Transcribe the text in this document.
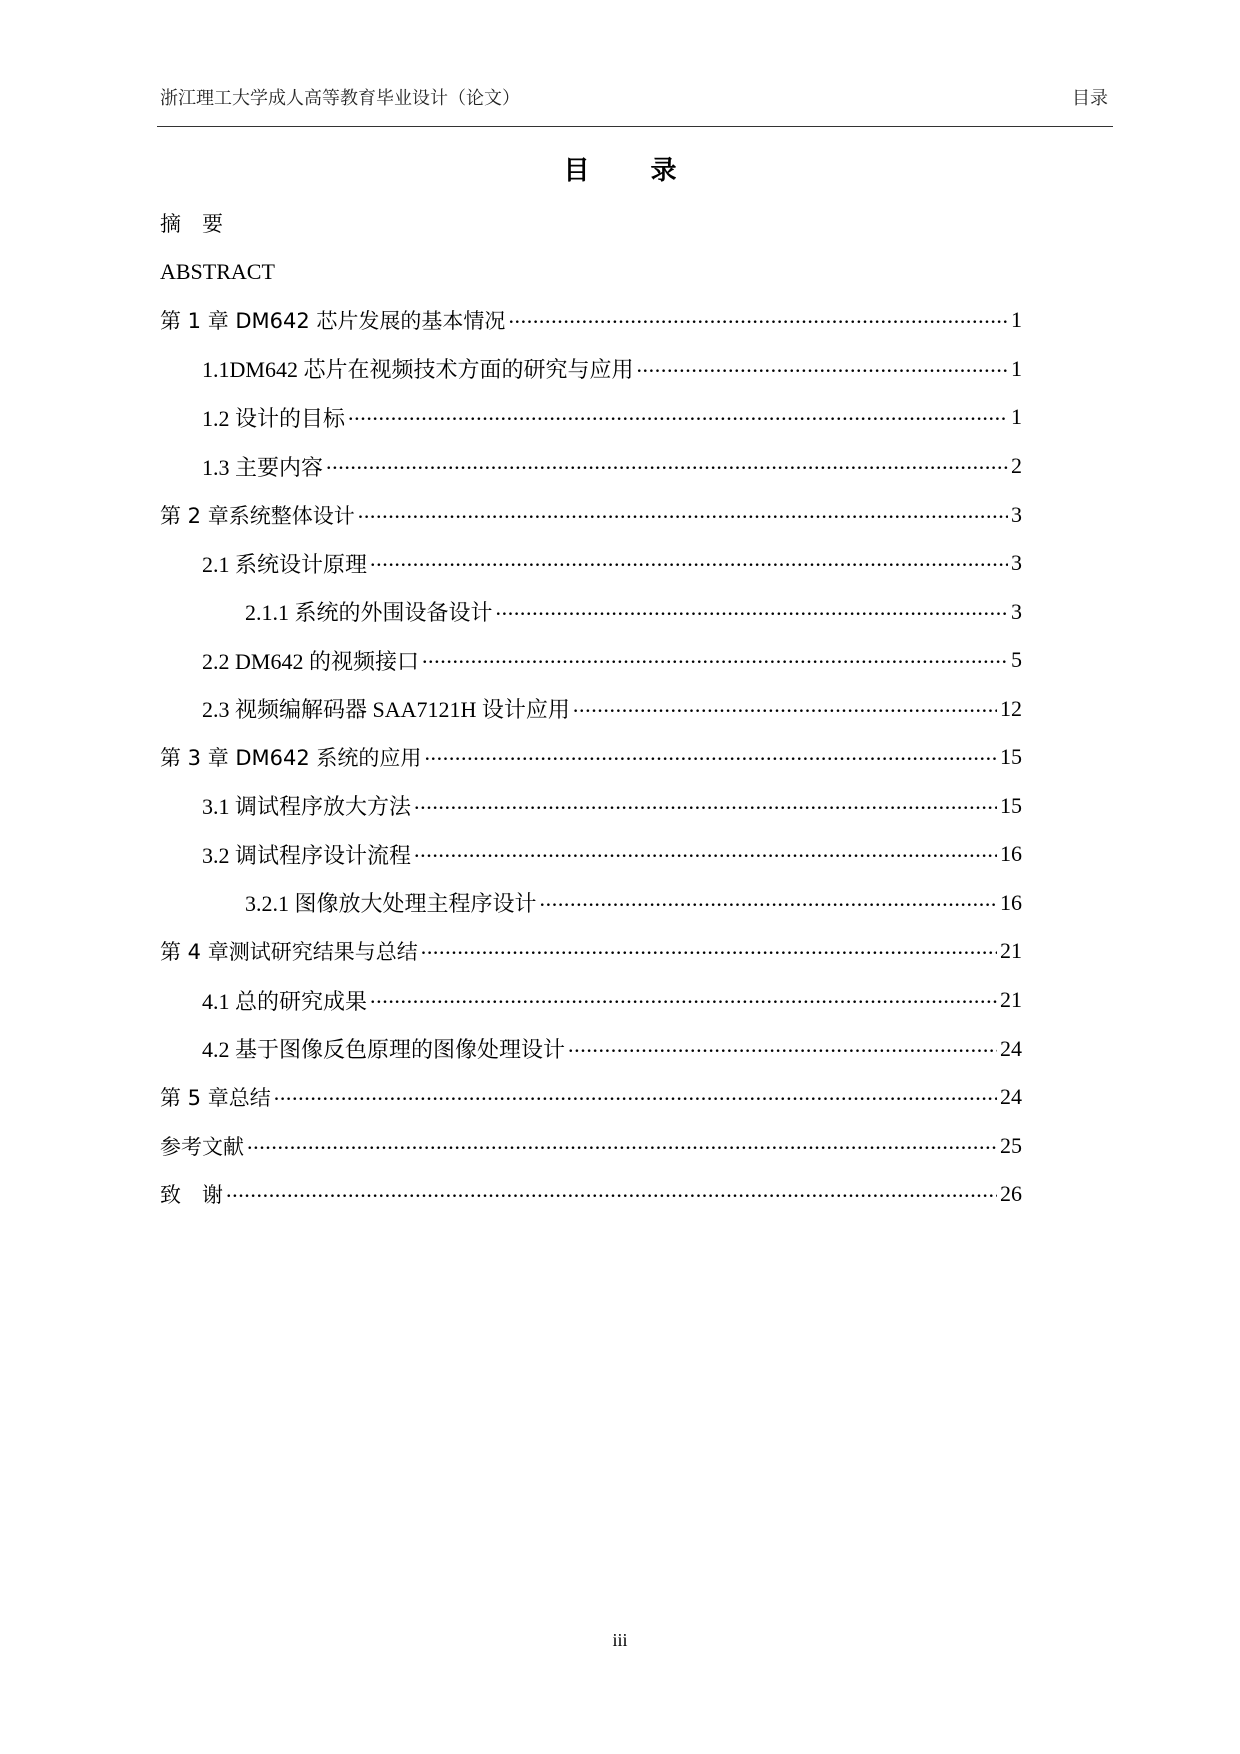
浙江理工大学成人高等教育毕业设计（论文）	目录
目 录
摘　要
ABSTRACT
第 1 章 DM642 芯片发展的基本情况 .....	1
1.1DM642 芯片在视频技术方面的研究与应用 .....	1
1.2 设计的目标 .....	1
1.3 主要内容 .....	2
第 2 章系统整体设计 .....	3
2.1 系统设计原理 .....	3
2.1.1 系统的外围设备设计 .....	3
2.2 DM642 的视频接口 .....	5
2.3 视频编解码器 SAA7121H 设计应用 .....	12
第 3 章 DM642 系统的应用 .....	15
3.1 调试程序放大方法 .....	15
3.2 调试程序设计流程 .....	16
3.2.1 图像放大处理主程序设计 .....	16
第 4 章测试研究结果与总结 .....	21
4.1 总的研究成果 .....	21
4.2 基于图像反色原理的图像处理设计 .....	24
第 5 章总结 .....	24
参考文献 .....	25
致　谢 .....	26
iii
